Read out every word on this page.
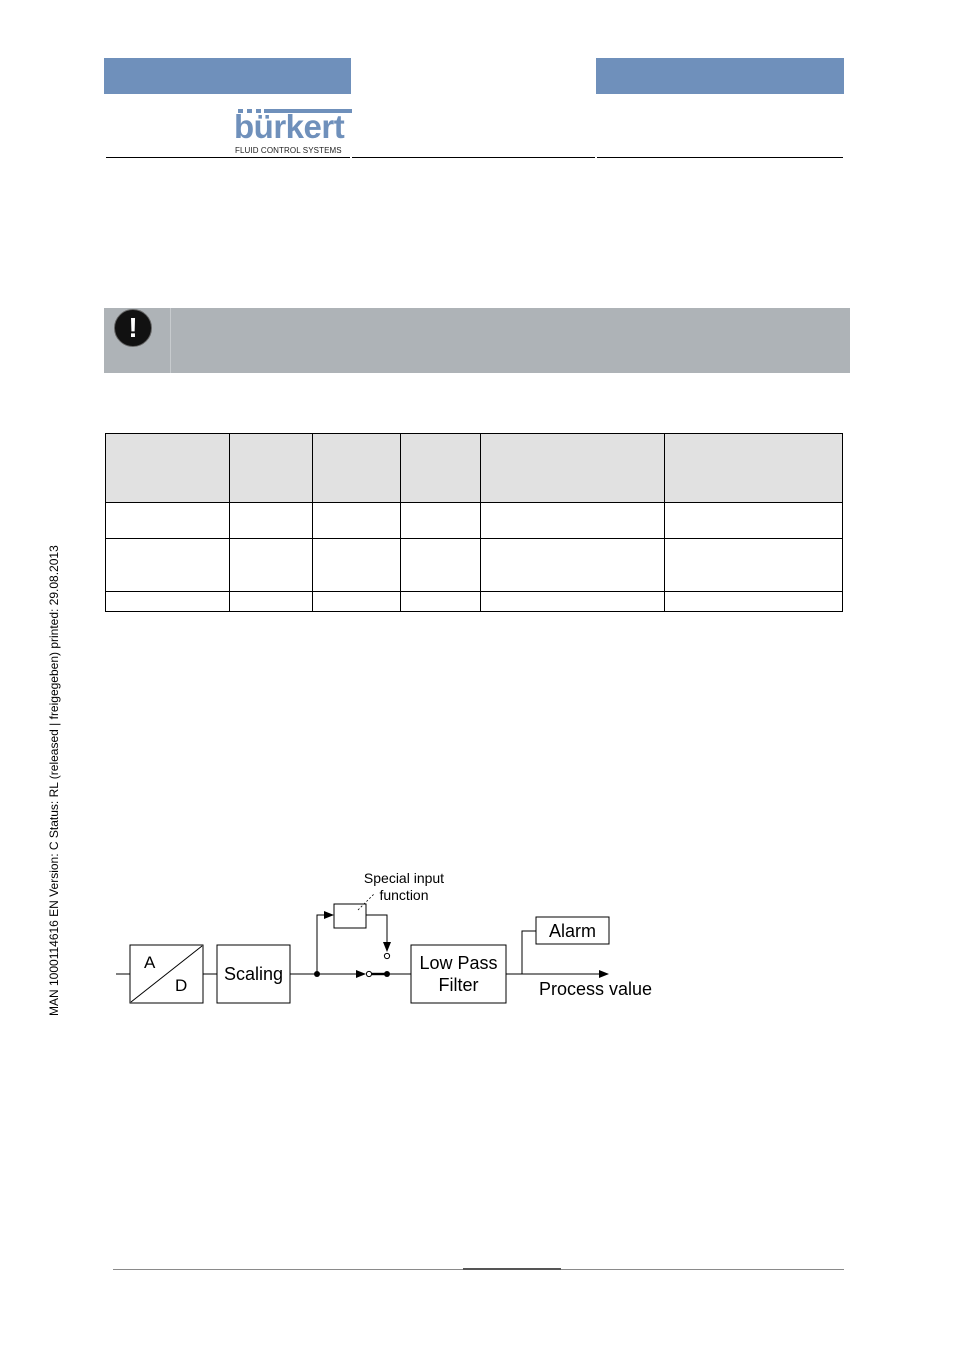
bürkert
FLUID CONTROL SYSTEMS
MAN 1000114616 EN Version: C Status: RL (released | freigegeben) printed: 29.08.2013
!

A
D
Scaling
Special input
function
Low Pass
Filter
Alarm
Process value
